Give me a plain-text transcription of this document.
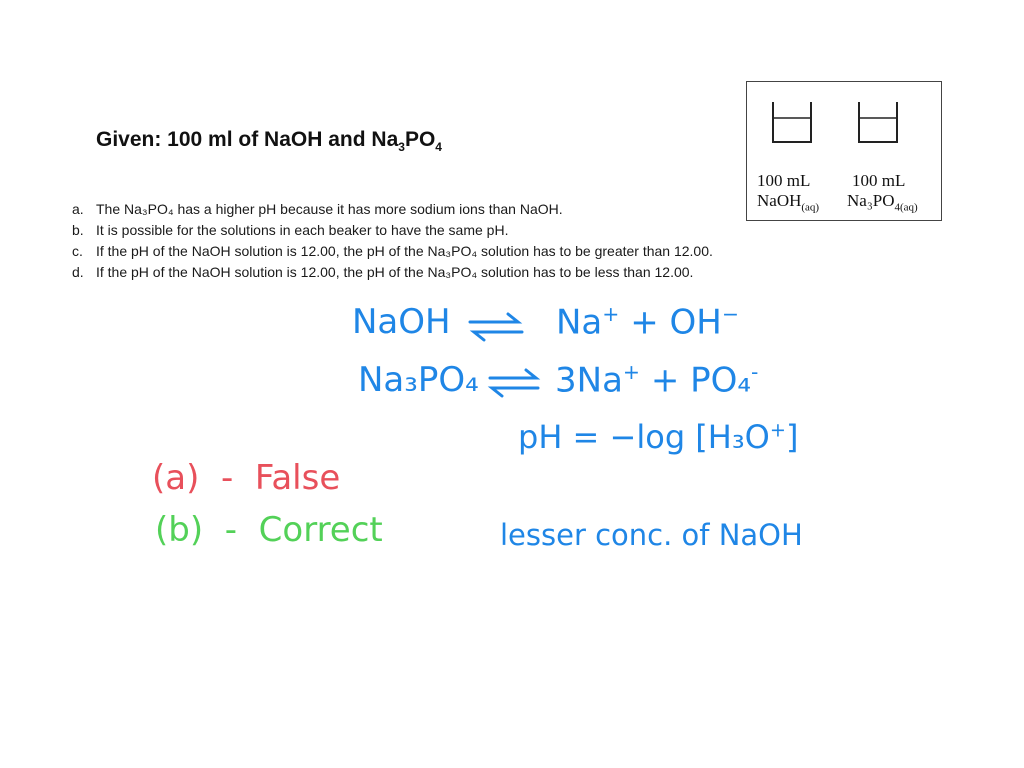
Given: 100 ml of NaOH and $Na_3PO_4$
a. The Na₃PO₄ has a higher pH because it has more sodium ions than NaOH.
b. It is possible for the solutions in each beaker to have the same pH.
c. If the pH of the NaOH solution is 12.00, the pH of the Na₃PO₄ solution has to be greater than 12.00.
d. If the pH of the NaOH solution is 12.00, the pH of the Na₃PO₄ solution has to be less than 12.00.
100 mL
NaOH$_{(aq)}$
100 mL
$Na_3PO_{4(aq)}$
NaOH ⇌ Na+ + OH−
Na₃PO₄ ⇌ 3Na+ + PO₄-
pH = −log [H₃O+]
lesser conc. of NaOH
(a) - False
(b) - Correct
